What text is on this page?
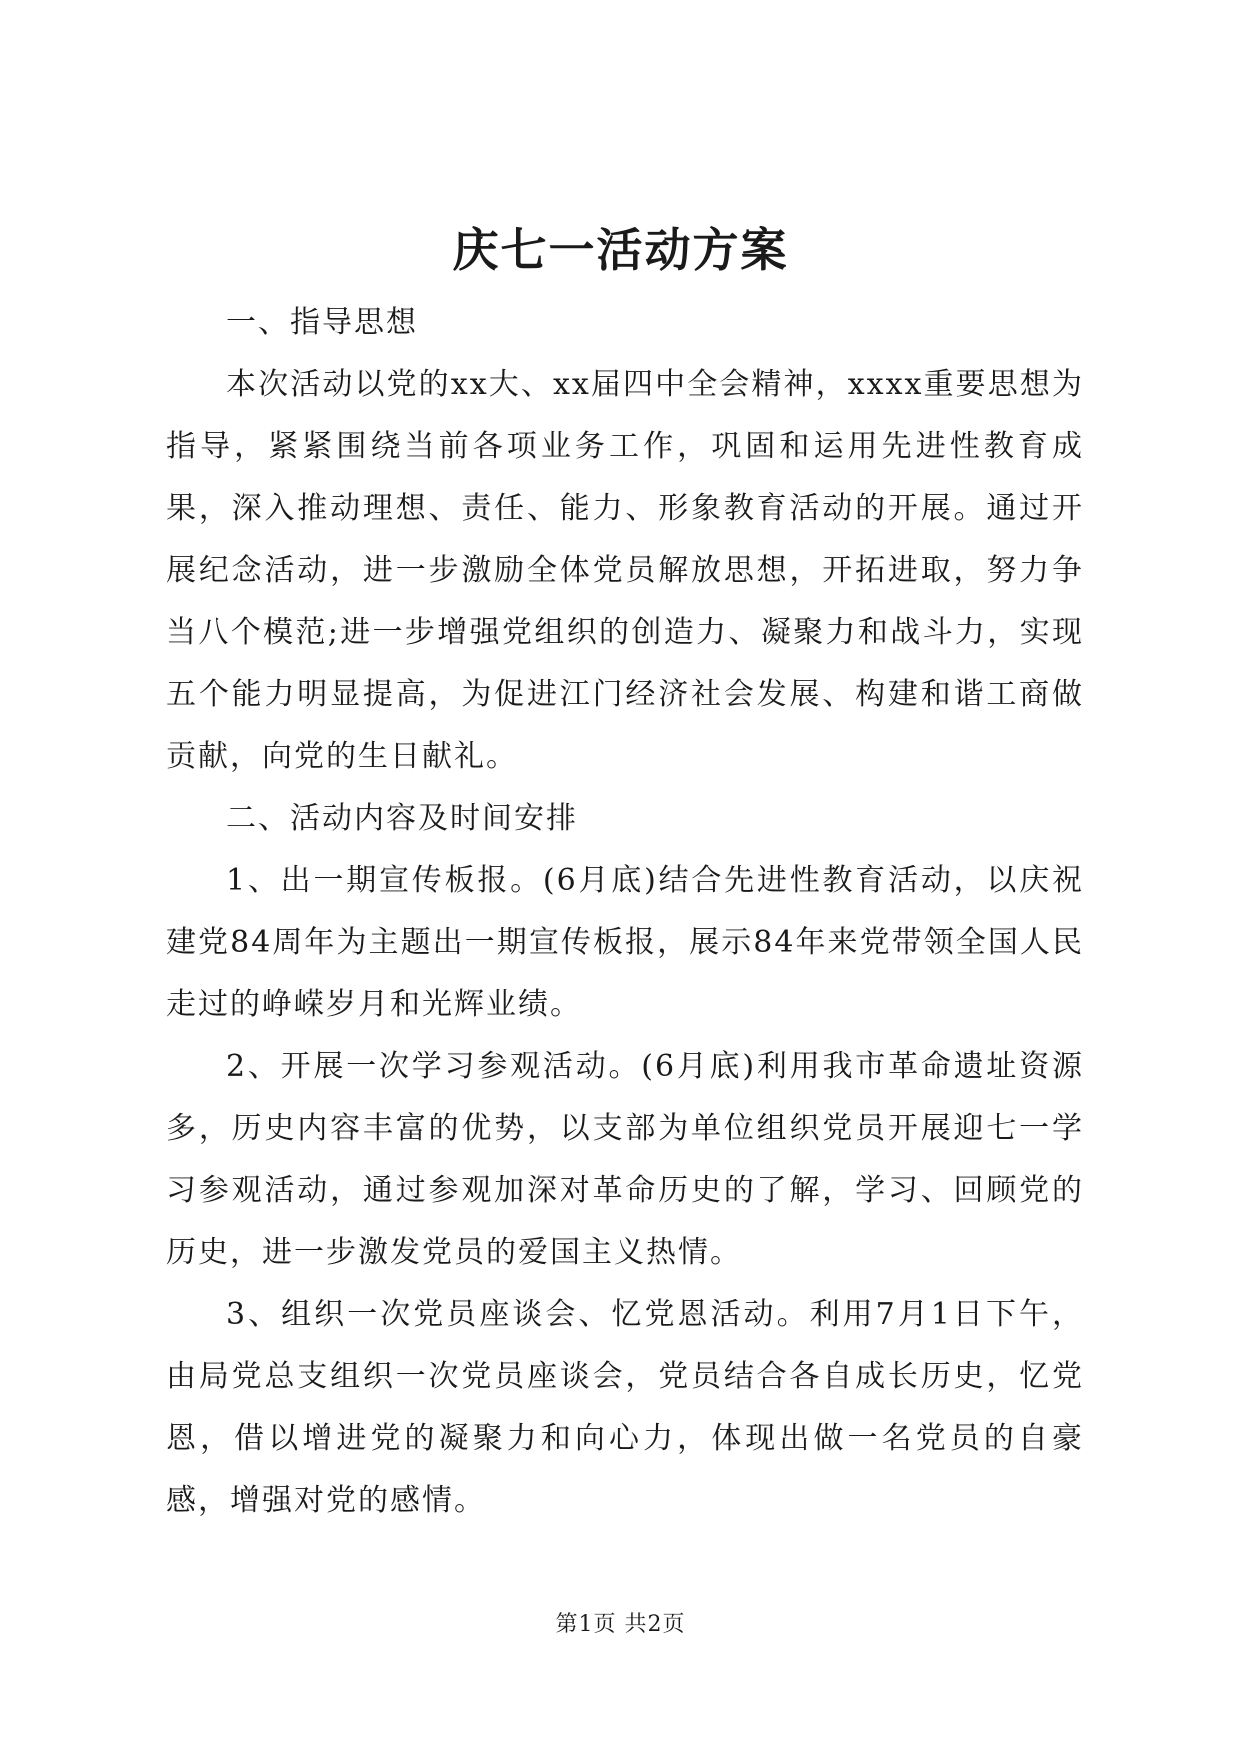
庆七一活动方案

一、指导思想

本次活动以党的xx大、xx届四中全会精神，xxxx重要思想为指导，紧紧围绕当前各项业务工作，巩固和运用先进性教育成果，深入推动理想、责任、能力、形象教育活动的开展。通过开展纪念活动，进一步激励全体党员解放思想，开拓进取，努力争当八个模范;进一步增强党组织的创造力、凝聚力和战斗力，实现五个能力明显提高，为促进江门经济社会发展、构建和谐工商做贡献，向党的生日献礼。

二、活动内容及时间安排

1、出一期宣传板报。(6月底)结合先进性教育活动，以庆祝建党84周年为主题出一期宣传板报，展示84年来党带领全国人民走过的峥嵘岁月和光辉业绩。

2、开展一次学习参观活动。(6月底)利用我市革命遗址资源多，历史内容丰富的优势，以支部为单位组织党员开展迎七一学习参观活动，通过参观加深对革命历史的了解，学习、回顾党的历史，进一步激发党员的爱国主义热情。

3、组织一次党员座谈会、忆党恩活动。利用7月1日下午，由局党总支组织一次党员座谈会，党员结合各自成长历史，忆党恩，借以增进党的凝聚力和向心力，体现出做一名党员的自豪感，增强对党的感情。

第1页 共2页
